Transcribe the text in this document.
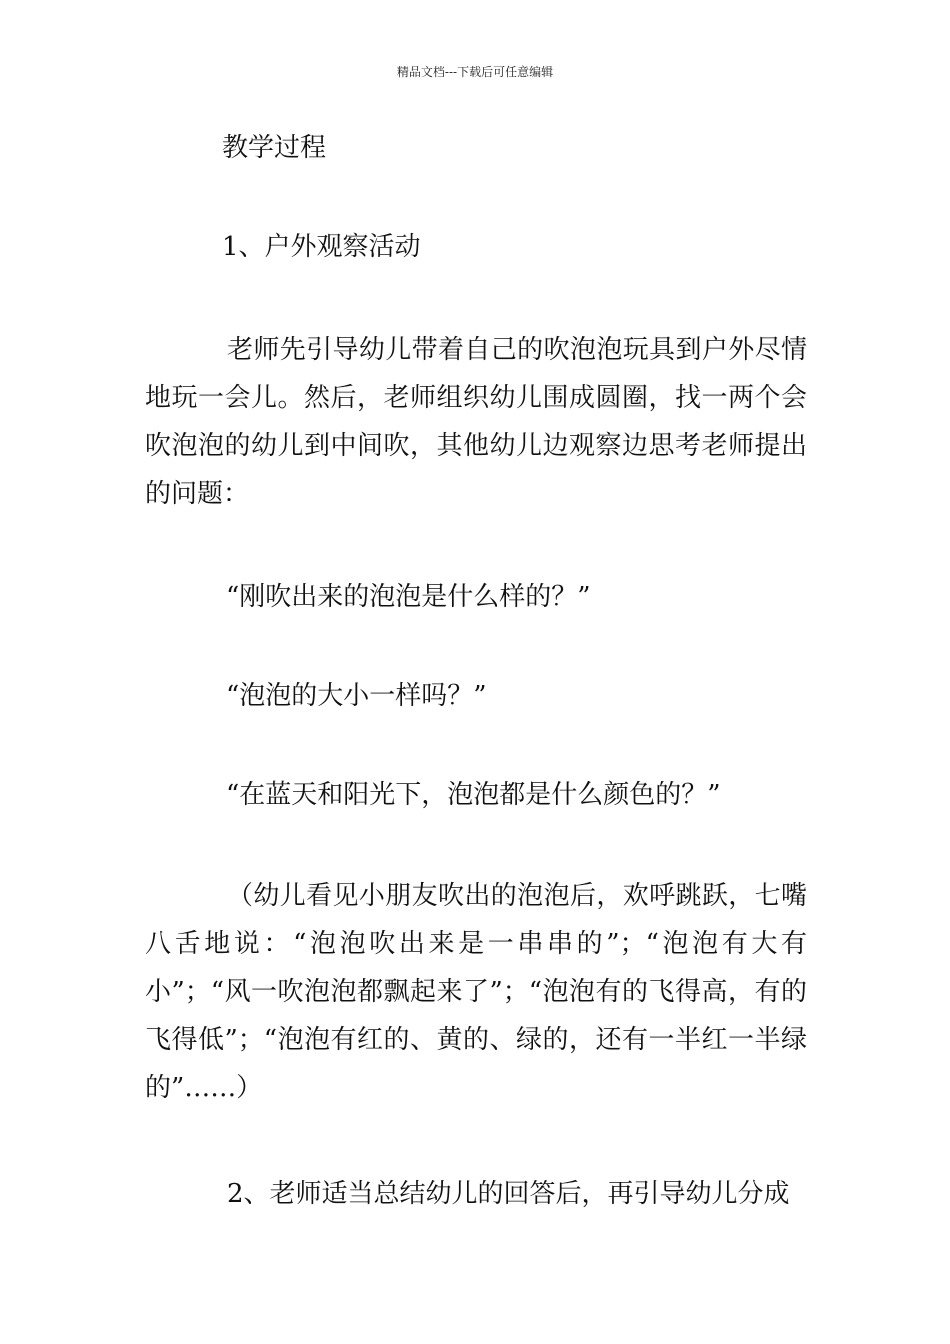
精品文档---下载后可任意编辑

教学过程

1、户外观察活动

老师先引导幼儿带着自己的吹泡泡玩具到户外尽情地玩一会儿。然后，老师组织幼儿围成圆圈，找一两个会吹泡泡的幼儿到中间吹，其他幼儿边观察边思考老师提出的问题：

“刚吹出来的泡泡是什么样的？”

“泡泡的大小一样吗？”

“在蓝天和阳光下，泡泡都是什么颜色的？”

（幼儿看见小朋友吹出的泡泡后，欢呼跳跃，七嘴八舌地说：“泡泡吹出来是一串串的”；“泡泡有大有小”；“风一吹泡泡都飘起来了”；“泡泡有的飞得高，有的飞得低”；“泡泡有红的、黄的、绿的，还有一半红一半绿的”……）

2、老师适当总结幼儿的回答后，再引导幼儿分成
